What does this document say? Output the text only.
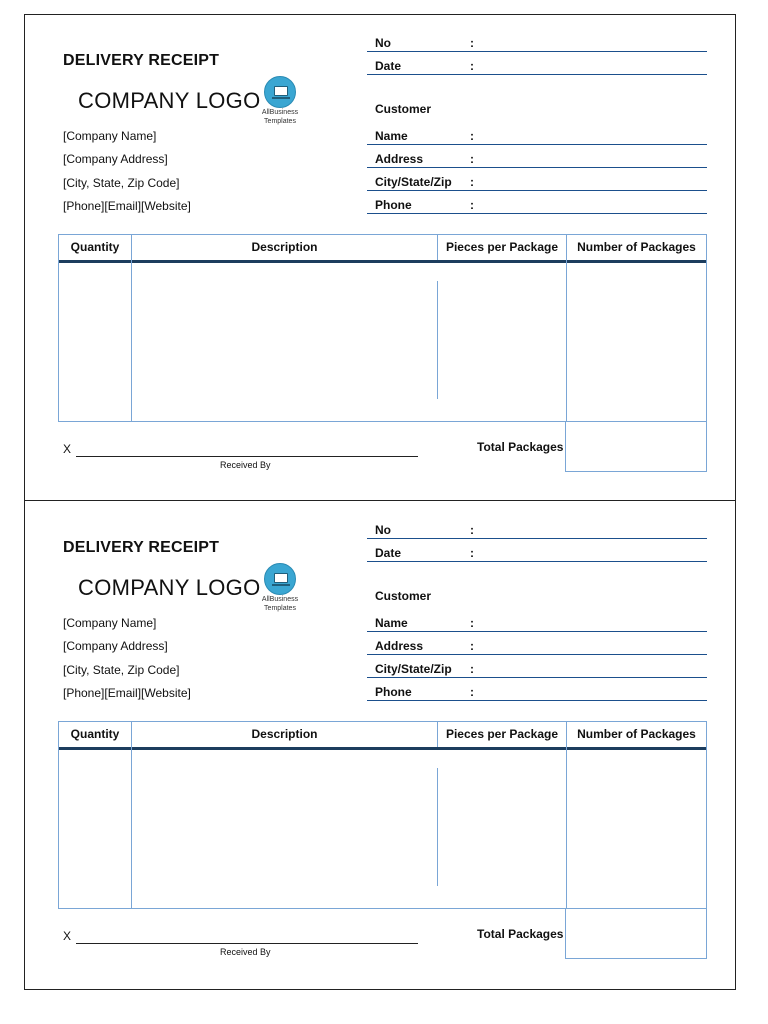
DELIVERY RECEIPT
COMPANY LOGO AllBusiness
Templates
[Company Name]
[Company Address]
[City, State, Zip Code]
[Phone][Email][Website]
No	:
Date	:
Customer
Name	:
Address	:
City/State/Zip :
Phone	:
Quantity	Description	Pieces per Package	Number of Packages
Total Packages
X
Received By
DELIVERY RECEIPT
COMPANY LOGO AllBusiness
Templates
[Company Name]
[Company Address]
[City, State, Zip Code]
[Phone][Email][Website]
No	:
Date	:
Customer
Name	:
Address	:
City/State/Zip :
Phone	:
Quantity	Description	Pieces per Package	Number of Packages
Total Packages
X
Received By
